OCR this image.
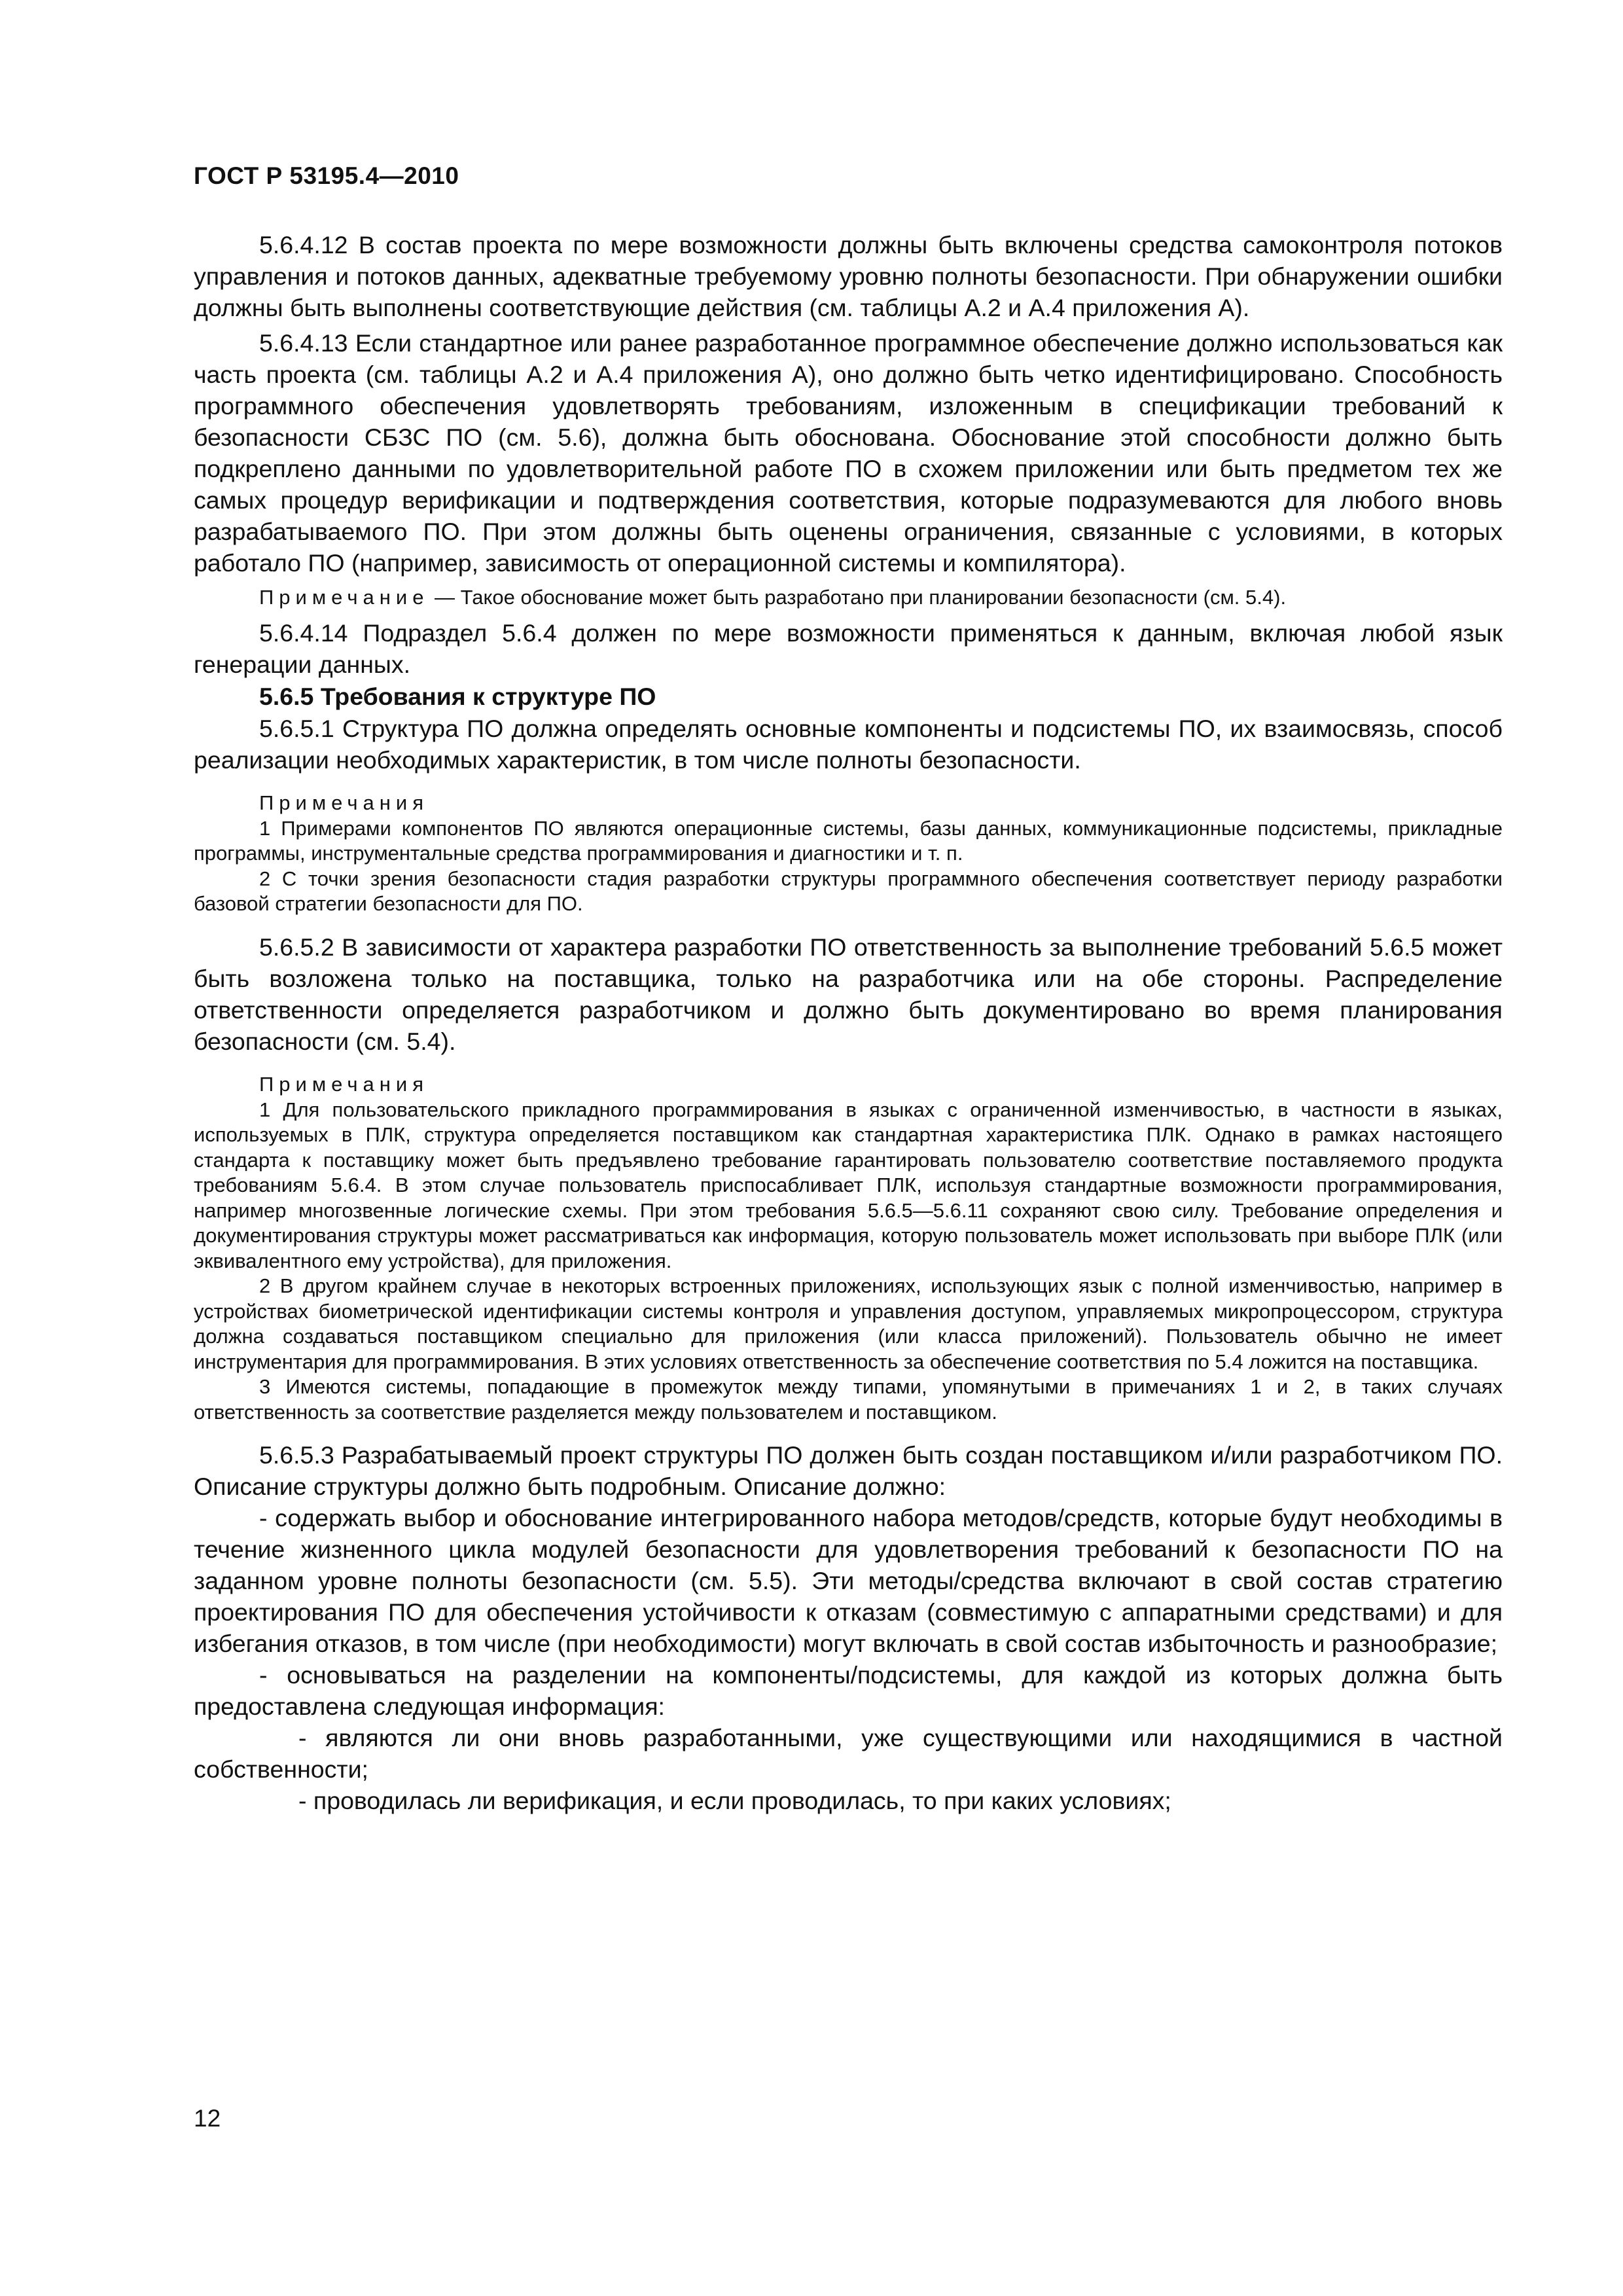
ГОСТ Р 53195.4—2010

5.6.4.12 В состав проекта по мере возможности должны быть включены средства самоконтроля потоков управления и потоков данных, адекватные требуемому уровню полноты безопасности. При обнаружении ошибки должны быть выполнены соответствующие действия (см. таблицы А.2 и А.4 приложения А).

5.6.4.13 Если стандартное или ранее разработанное программное обеспечение должно использоваться как часть проекта (см. таблицы А.2 и А.4 приложения А), оно должно быть четко идентифицировано. Способность программного обеспечения удовлетворять требованиям, изложенным в спецификации требований к безопасности СБЗС ПО (см. 5.6), должна быть обоснована. Обоснование этой способности должно быть подкреплено данными по удовлетворительной работе ПО в схожем приложении или быть предметом тех же самых процедур верификации и подтверждения соответствия, которые подразумеваются для любого вновь разрабатываемого ПО. При этом должны быть оценены ограничения, связанные с условиями, в которых работало ПО (например, зависимость от операционной системы и компилятора).

Примечание — Такое обоснование может быть разработано при планировании безопасности (см. 5.4).

5.6.4.14 Подраздел 5.6.4 должен по мере возможности применяться к данным, включая любой язык генерации данных.

5.6.5 Требования к структуре ПО

5.6.5.1 Структура ПО должна определять основные компоненты и подсистемы ПО, их взаимосвязь, способ реализации необходимых характеристик, в том числе полноты безопасности.

Примечания

1 Примерами компонентов ПО являются операционные системы, базы данных, коммуникационные подсистемы, прикладные программы, инструментальные средства программирования и диагностики и т. п.

2 С точки зрения безопасности стадия разработки структуры программного обеспечения соответствует периоду разработки базовой стратегии безопасности для ПО.

5.6.5.2 В зависимости от характера разработки ПО ответственность за выполнение требований 5.6.5 может быть возложена только на поставщика, только на разработчика или на обе стороны. Распределение ответственности определяется разработчиком и должно быть документировано во время планирования безопасности (см. 5.4).

Примечания

1 Для пользовательского прикладного программирования в языках с ограниченной изменчивостью, в частности в языках, используемых в ПЛК, структура определяется поставщиком как стандартная характеристика ПЛК. Однако в рамках настоящего стандарта к поставщику может быть предъявлено требование гарантировать пользователю соответствие поставляемого продукта требованиям 5.6.4. В этом случае пользователь приспосабливает ПЛК, используя стандартные возможности программирования, например многозвенные логические схемы. При этом требования 5.6.5—5.6.11 сохраняют свою силу. Требование определения и документирования структуры может рассматриваться как информация, которую пользователь может использовать при выборе ПЛК (или эквивалентного ему устройства), для приложения.

2 В другом крайнем случае в некоторых встроенных приложениях, использующих язык с полной изменчивостью, например в устройствах биометрической идентификации системы контроля и управления доступом, управляемых микропроцессором, структура должна создаваться поставщиком специально для приложения (или класса приложений). Пользователь обычно не имеет инструментария для программирования. В этих условиях ответственность за обеспечение соответствия по 5.4 ложится на поставщика.

3 Имеются системы, попадающие в промежуток между типами, упомянутыми в примечаниях 1 и 2, в таких случаях ответственность за соответствие разделяется между пользователем и поставщиком.

5.6.5.3 Разрабатываемый проект структуры ПО должен быть создан поставщиком и/или разработчиком ПО. Описание структуры должно быть подробным. Описание должно:

- содержать выбор и обоснование интегрированного набора методов/средств, которые будут необходимы в течение жизненного цикла модулей безопасности для удовлетворения требований к безопасности ПО на заданном уровне полноты безопасности (см. 5.5). Эти методы/средства включают в свой состав стратегию проектирования ПО для обеспечения устойчивости к отказам (совместимую с аппаратными средствами) и для избегания отказов, в том числе (при необходимости) могут включать в свой состав избыточность и разнообразие;

- основываться на разделении на компоненты/подсистемы, для каждой из которых должна быть предоставлена следующая информация:

- являются ли они вновь разработанными, уже существующими или находящимися в частной собственности;

- проводилась ли верификация, и если проводилась, то при каких условиях;

12
